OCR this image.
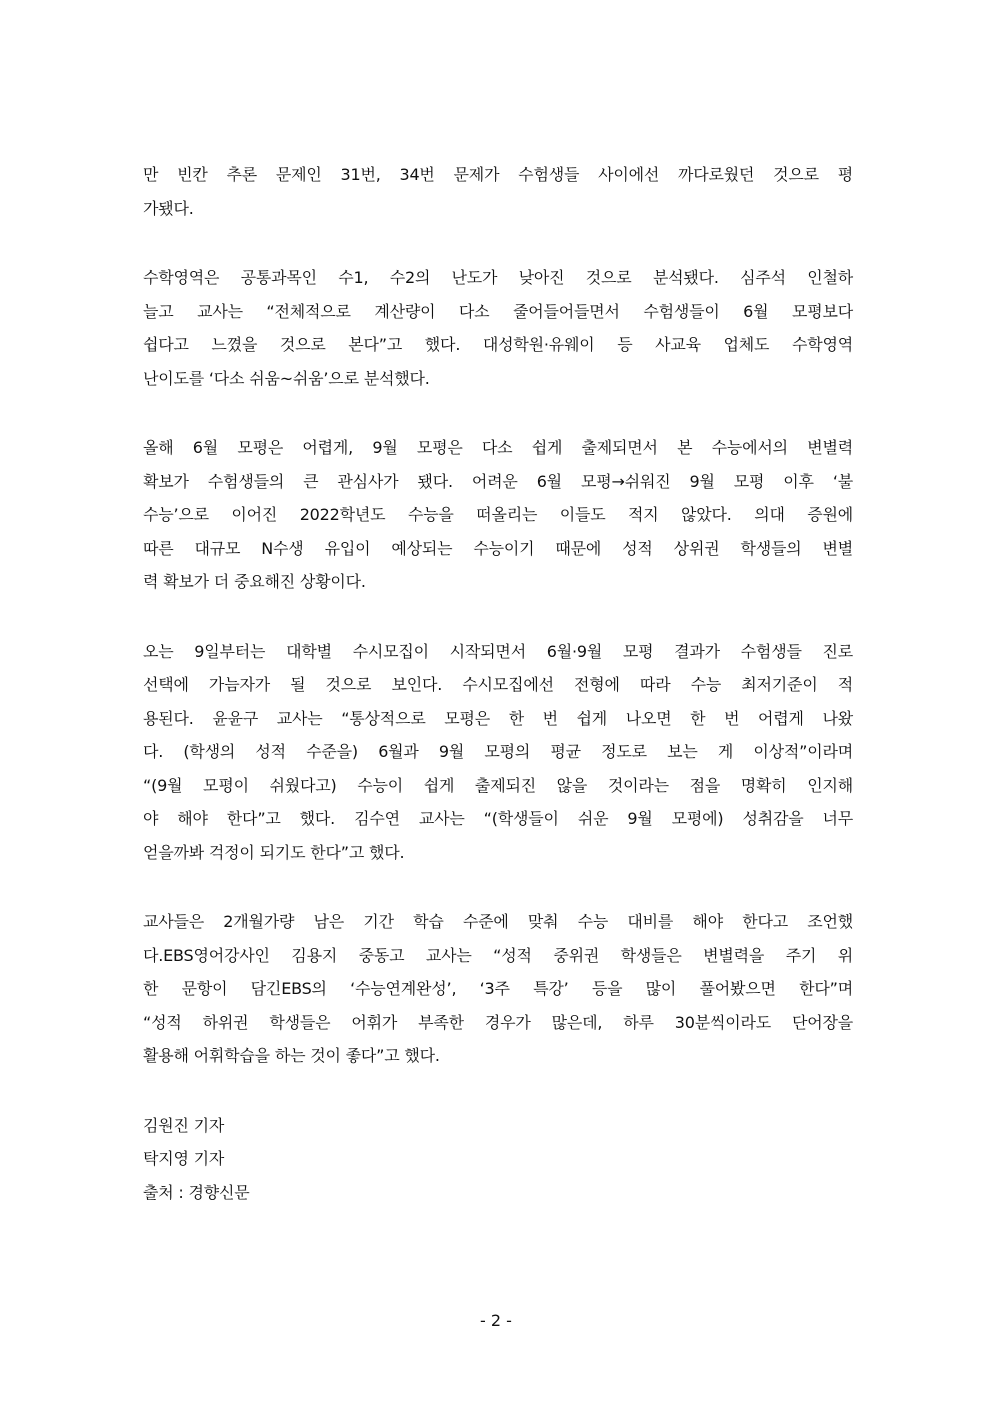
만 빈칸 추론 문제인 31번, 34번 문제가 수험생들 사이에선 까다로웠던 것으로 평
가됐다.

수학영역은 공통과목인 수1, 수2의 난도가 낮아진 것으로 분석됐다. 심주석 인철하
늘고 교사는 “전체적으로 계산량이 다소 줄어들어들면서 수험생들이 6월 모평보다
쉽다고 느꼈을 것으로 본다”고 했다. 대성학원·유웨이 등 사교육 업체도 수학영역
난이도를 ‘다소 쉬움~쉬움’으로 분석했다.

올해 6월 모평은 어렵게, 9월 모평은 다소 쉽게 출제되면서 본 수능에서의 변별력
확보가 수험생들의 큰 관심사가 됐다. 어려운 6월 모평→쉬워진 9월 모평 이후 ‘불
수능’으로 이어진 2022학년도 수능을 떠올리는 이들도 적지 않았다. 의대 증원에
따른 대규모 N수생 유입이 예상되는 수능이기 때문에 성적 상위권 학생들의 변별
력 확보가 더 중요해진 상황이다.

오는 9일부터는 대학별 수시모집이 시작되면서 6월·9월 모평 결과가 수험생들 진로
선택에 가늠자가 될 것으로 보인다. 수시모집에선 전형에 따라 수능 최저기준이 적
용된다. 윤윤구 교사는 “통상적으로 모평은 한 번 쉽게 나오면 한 번 어렵게 나왔
다. (학생의 성적 수준을) 6월과 9월 모평의 평균 정도로 보는 게 이상적”이라며
“(9월 모평이 쉬웠다고) 수능이 쉽게 출제되진 않을 것이라는 점을 명확히 인지해
야 해야 한다”고 했다. 김수연 교사는 “(학생들이 쉬운 9월 모평에) 성취감을 너무
얻을까봐 걱정이 되기도 한다”고 했다.

교사들은 2개월가량 남은 기간 학습 수준에 맞춰 수능 대비를 해야 한다고 조언했
다.EBS영어강사인 김용지 중동고 교사는 “성적 중위권 학생들은 변별력을 주기 위
한 문항이 담긴EBS의 ‘수능연계완성’, ‘3주 특강’ 등을 많이 풀어봤으면 한다”며
“성적 하위권 학생들은 어휘가 부족한 경우가 많은데, 하루 30분씩이라도 단어장을
활용해 어휘학습을 하는 것이 좋다”고 했다.

김원진 기자
탁지영 기자
출처 : 경향신문
- 2 -
